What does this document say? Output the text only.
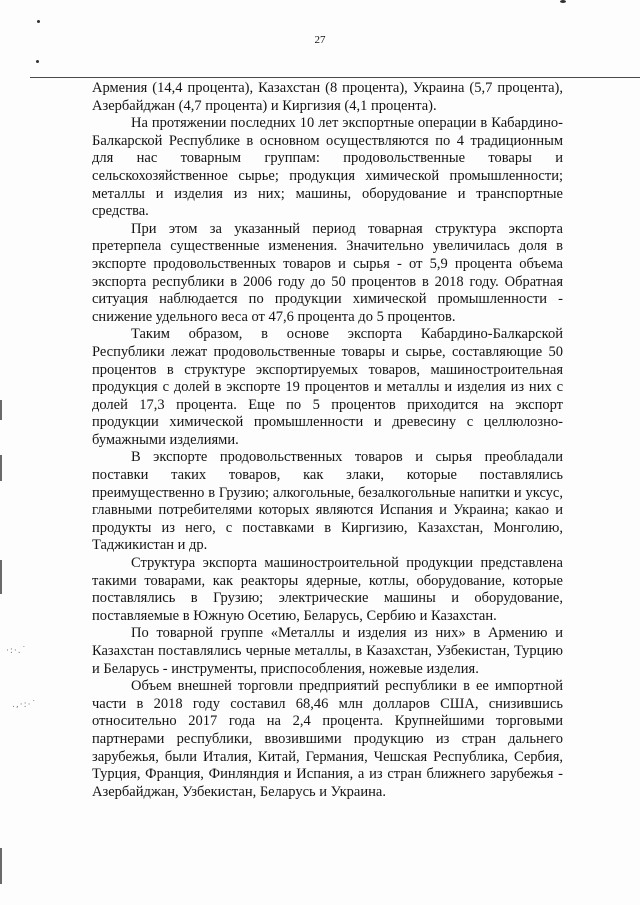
27

Армения (14,4 процента), Казахстан (8 процента), Украина (5,7 процента), Азербайджан (4,7 процента) и Киргизия (4,1 процента).

На протяжении последних 10 лет экспортные операции в Кабардино-Балкарской Республике в основном осуществляются по 4 традиционным для нас товарным группам: продовольственные товары и сельскохозяйственное сырье; продукция химической промышленности; металлы и изделия из них; машины, оборудование и транспортные средства.

При этом за указанный период товарная структура экспорта претерпела существенные изменения. Значительно увеличилась доля в экспорте продовольственных товаров и сырья - от 5,9 процента объема экспорта республики в 2006 году до 50 процентов в 2018 году. Обратная ситуация наблюдается по продукции химической промышленности - снижение удельного веса от 47,6 процента до 5 процентов.

Таким образом, в основе экспорта Кабардино-Балкарской Республики лежат продовольственные товары и сырье, составляющие 50 процентов в структуре экспортируемых товаров, машиностроительная продукция с долей в экспорте 19 процентов и металлы и изделия из них с долей 17,3 процента. Еще по 5 процентов приходится на экспорт продукции химической промышленности и древесину с целлюлозно-бумажными изделиями.

В экспорте продовольственных товаров и сырья преобладали поставки таких товаров, как злаки, которые поставлялись преимущественно в Грузию; алкогольные, безалкогольные напитки и уксус, главными потребителями которых являются Испания и Украина; какао и продукты из него, с поставками в Киргизию, Казахстан, Монголию, Таджикистан и др.

Структура экспорта машиностроительной продукции представлена такими товарами, как реакторы ядерные, котлы, оборудование, которые поставлялись в Грузию; электрические машины и оборудование, поставляемые в Южную Осетию, Беларусь, Сербию и Казахстан.

По товарной группе «Металлы и изделия из них» в Армению и Казахстан поставлялись черные металлы, в Казахстан, Узбекистан, Турцию и Беларусь - инструменты, приспособления, ножевые изделия.

Объем внешней торговли предприятий республики в ее импортной части в 2018 году составил 68,46 млн долларов США, снизившись относительно 2017 года на 2,4 процента. Крупнейшими торговыми партнерами республики, ввозившими продукцию из стран дальнего зарубежья, были Италия, Китай, Германия, Чешская Республика, Сербия, Турция, Франция, Финляндия и Испания, а из стран ближнего зарубежья - Азербайджан, Узбекистан, Беларусь и Украина.

·:·.˙
.,·:·˙
